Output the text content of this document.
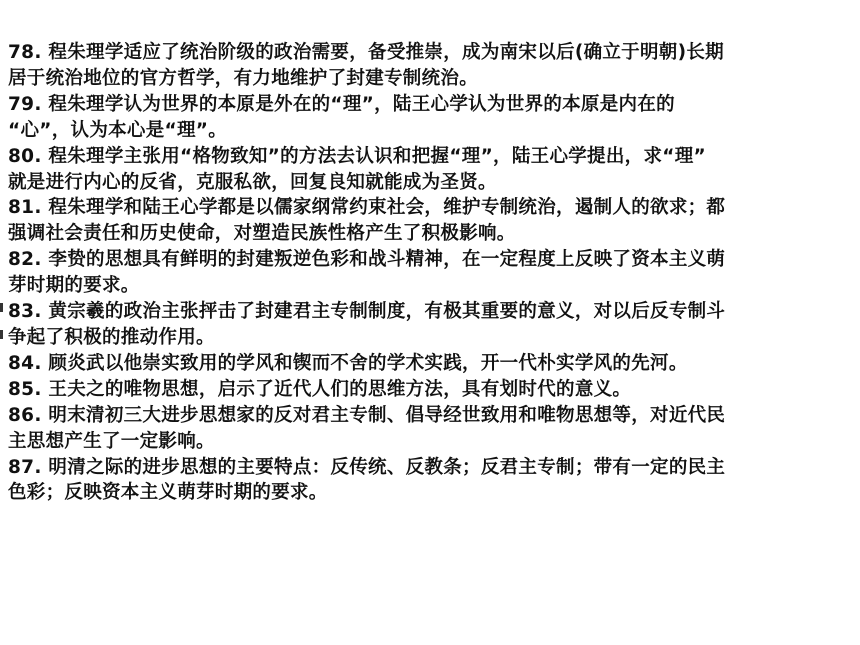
78. 程朱理学适应了统治阶级的政治需要，备受推崇，成为南宋以后(确立于明朝)长期
居于统治地位的官方哲学，有力地维护了封建专制统治。

79. 程朱理学认为世界的本原是外在的“理”，陆王心学认为世界的本原是内在的
“心”，认为本心是“理”。

80. 程朱理学主张用“格物致知”的方法去认识和把握“理”，陆王心学提出，求“理”
就是进行内心的反省，克服私欲，回复良知就能成为圣贤。

81. 程朱理学和陆王心学都是以儒家纲常约束社会，维护专制统治，遏制人的欲求；都
强调社会责任和历史使命，对塑造民族性格产生了积极影响。

82. 李贽的思想具有鲜明的封建叛逆色彩和战斗精神，在一定程度上反映了资本主义萌
芽时期的要求。

83. 黄宗羲的政治主张抨击了封建君主专制制度，有极其重要的意义，对以后反专制斗
争起了积极的推动作用。

84. 顾炎武以他崇实致用的学风和锲而不舍的学术实践，开一代朴实学风的先河。

85. 王夫之的唯物思想，启示了近代人们的思维方法，具有划时代的意义。

86. 明末清初三大进步思想家的反对君主专制、倡导经世致用和唯物思想等，对近代民
主思想产生了一定影响。

87. 明清之际的进步思想的主要特点：反传统、反教条；反君主专制；带有一定的民主
色彩；反映资本主义萌芽时期的要求。
